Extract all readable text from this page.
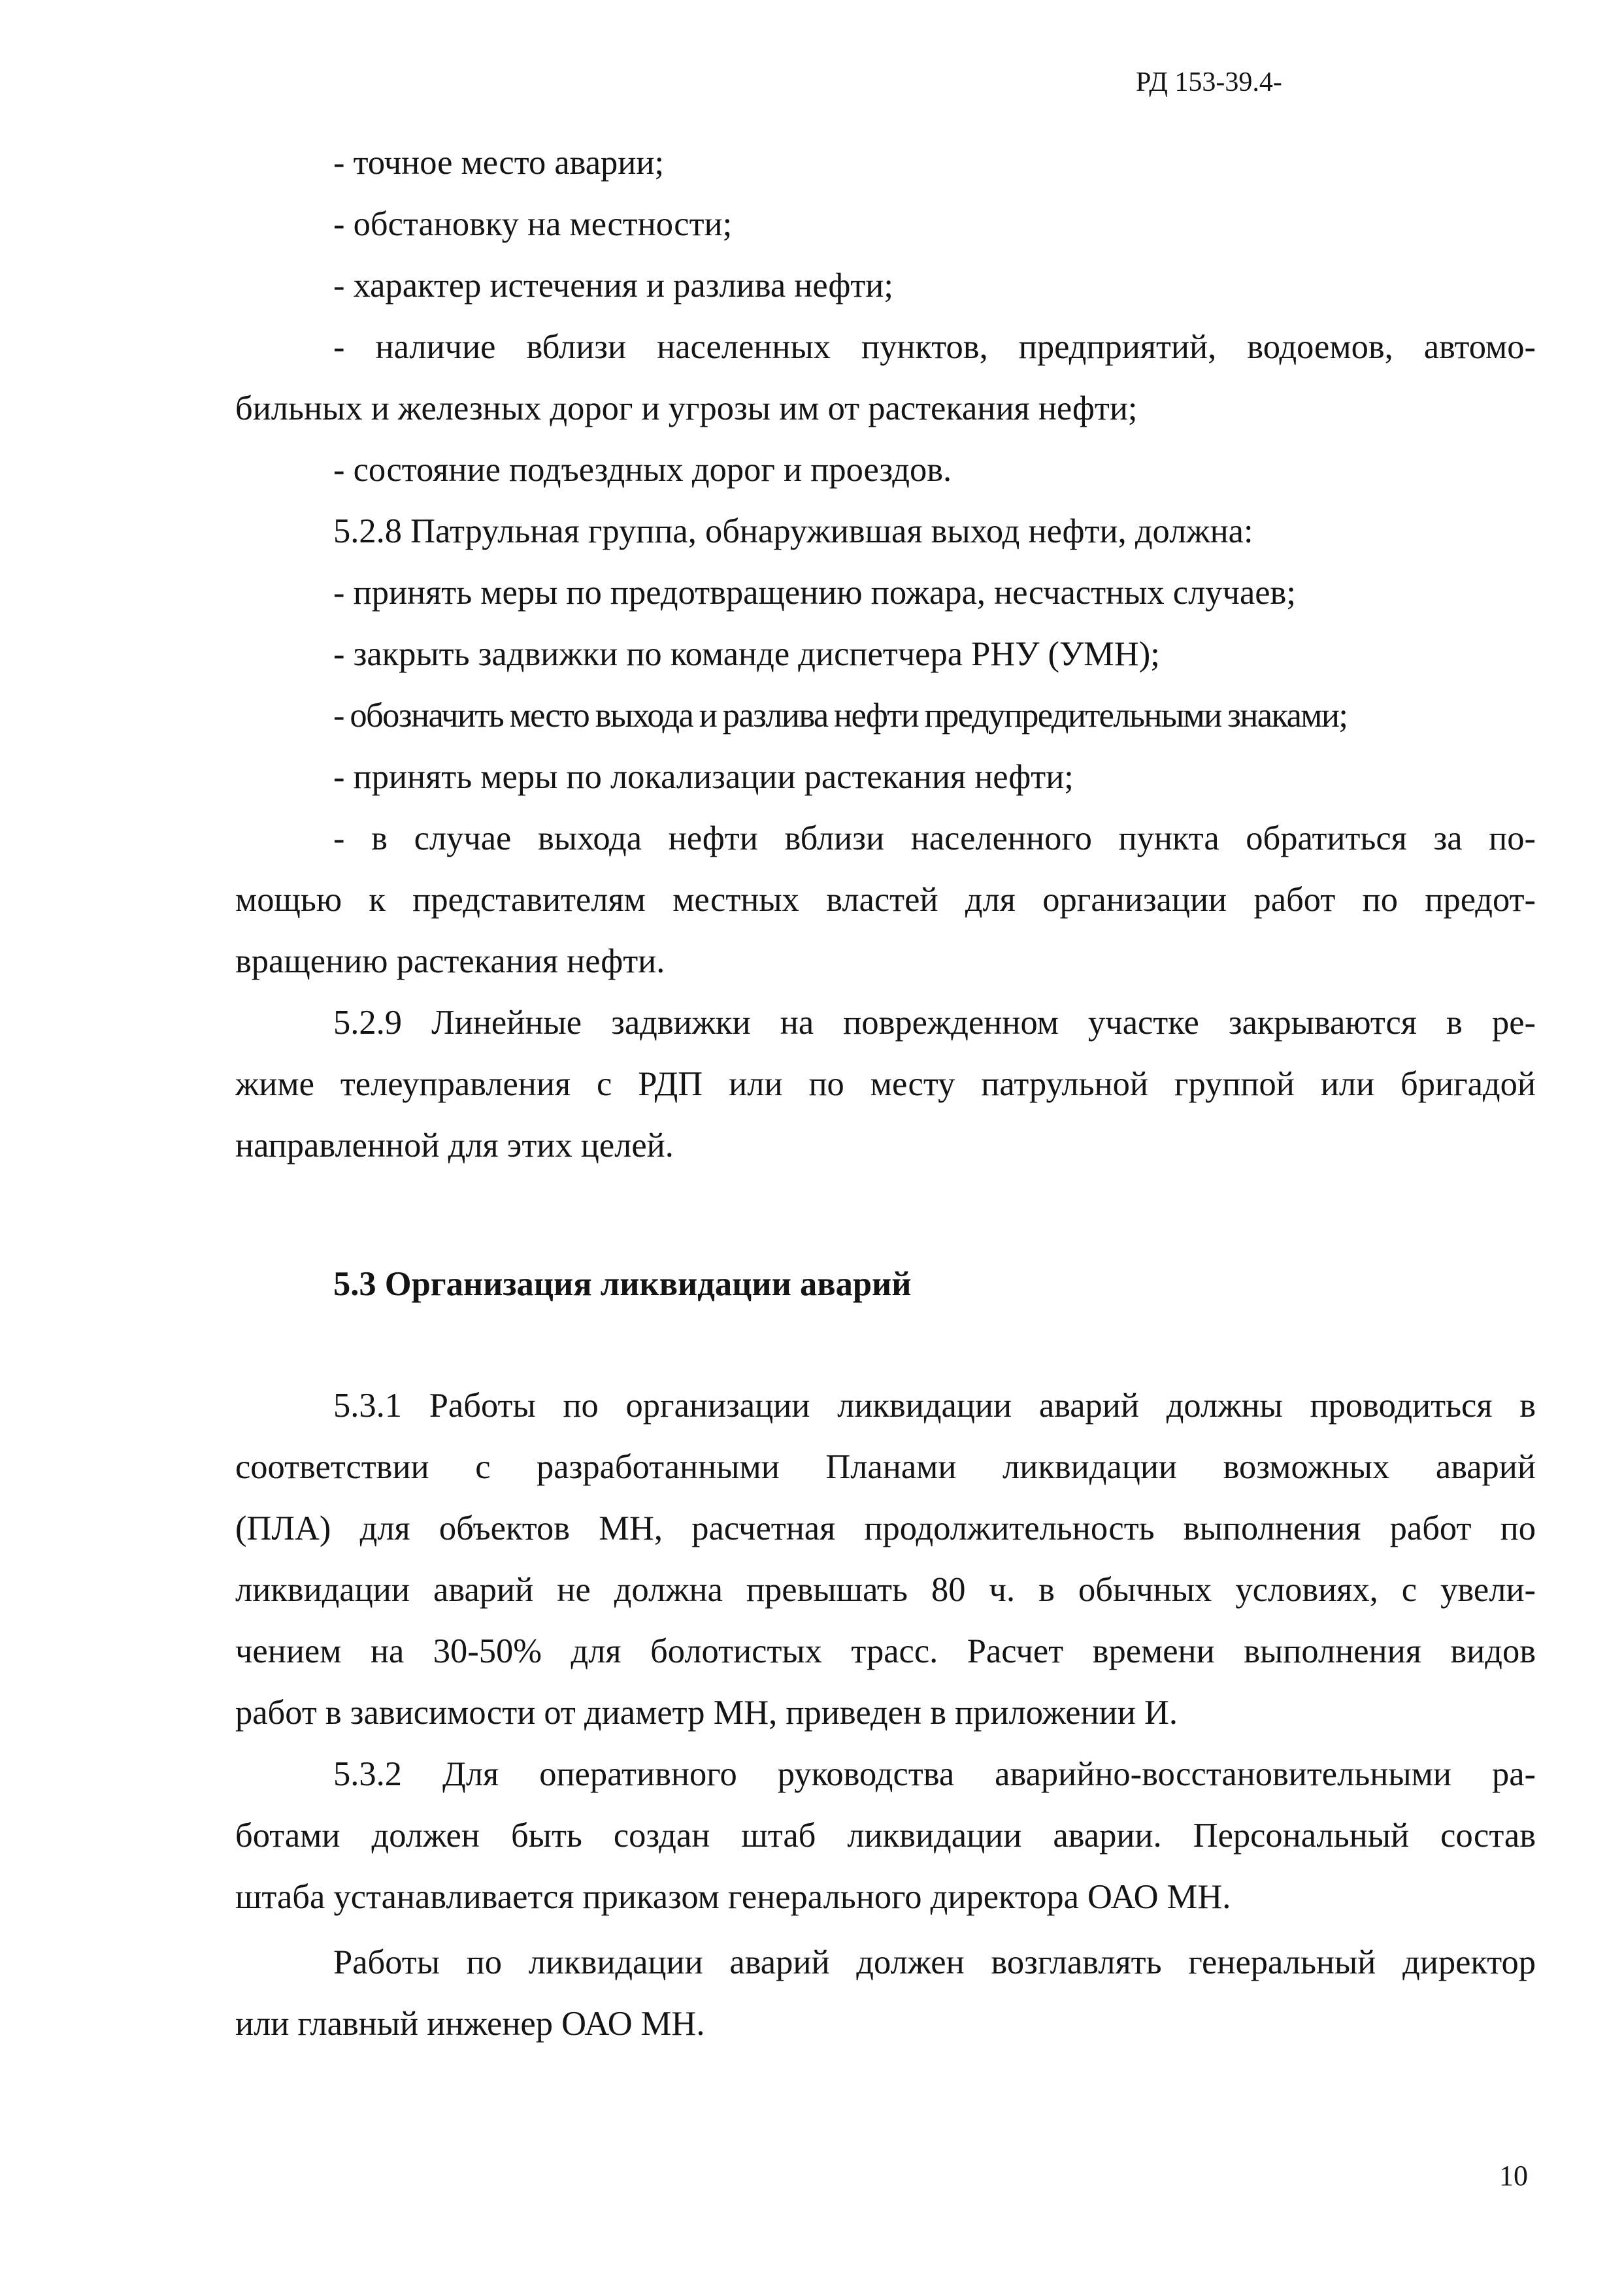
РД 153-39.4-

- точное место аварии;

- обстановку на местности;

- характер истечения и разлива нефти;

- наличие вблизи населенных пунктов, предприятий, водоемов, автомо-

бильных и железных дорог и угрозы им от растекания нефти;

- состояние подъездных дорог и проездов.

5.2.8 Патрульная группа, обнаружившая выход нефти, должна:

- принять меры по предотвращению пожара, несчастных случаев;

- закрыть задвижки по команде диспетчера РНУ (УМН);

- обозначить место выхода и разлива нефти предупредительными знаками;

- принять меры по локализации растекания нефти;

- в случае выхода нефти вблизи населенного пункта обратиться за по-

мощью к представителям местных властей для организации работ по предот-

вращению растекания нефти.

5.2.9 Линейные задвижки на поврежденном участке закрываются в ре-

жиме телеуправления с РДП или по месту патрульной группой или бригадой

направленной для этих целей.

5.3 Организация ликвидации аварий

5.3.1 Работы по организации ликвидации аварий должны проводиться в

соответствии с разработанными Планами ликвидации возможных аварий

(ПЛА) для объектов МН, расчетная продолжительность выполнения работ по

ликвидации аварий не должна превышать 80 ч. в обычных условиях, с увели-

чением на 30-50% для болотистых трасс. Расчет времени выполнения видов

работ в зависимости от диаметр МН, приведен в приложении И.

5.3.2 Для оперативного руководства аварийно-восстановительными ра-

ботами должен быть создан штаб ликвидации аварии. Персональный состав

штаба устанавливается приказом генерального директора ОАО МН.

Работы по ликвидации аварий должен возглавлять генеральный директор

или главный инженер ОАО МН.

10
